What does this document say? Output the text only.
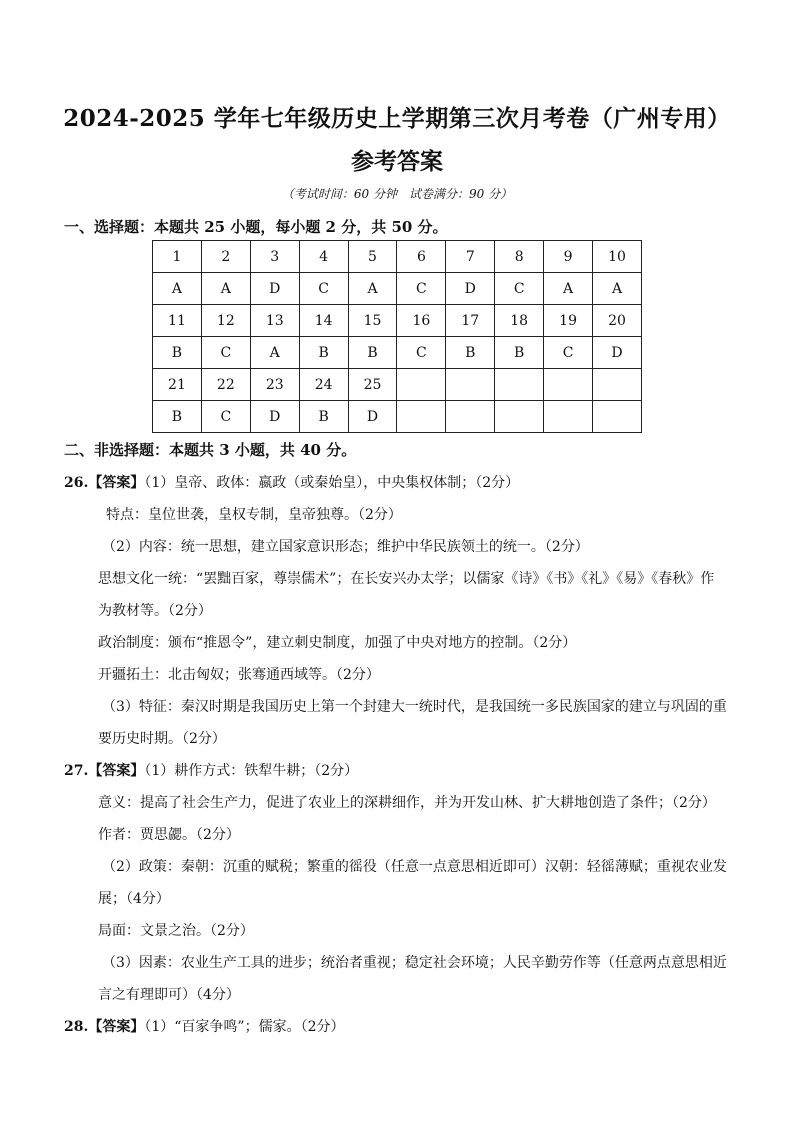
2024-2025 学年七年级历史上学期第三次月考卷（广州专用）
参考答案
（考试时间：60 分钟　试卷满分：90 分）
一、选择题：本题共 25 小题，每小题 2 分，共 50 分。
1	2	3	4	5	6	7	8	9	10
A	A	D	C	A	C	D	C	A	A
11	12	13	14	15	16	17	18	19	20
B	C	A	B	B	C	B	B	C	D
21	22	23	24	25					
B	C	D	B	D					
二、非选择题：本题共 3 小题，共 40 分。
26.【答案】（1）皇帝、政体：嬴政（或秦始皇），中央集权体制；（2分）
特点：皇位世袭，皇权专制，皇帝独尊。（2分）
（2）内容：统一思想，建立国家意识形态；维护中华民族领土的统一。（2分）
思想文化一统：“罢黜百家，尊崇儒术”；在长安兴办太学；以儒家《诗》《书》《礼》《易》《春秋》作
为教材等。（2分）
政治制度：颁布“推恩令”，建立刺史制度，加强了中央对地方的控制。（2分）
开疆拓土：北击匈奴；张骞通西域等。（2分）
（3）特征：秦汉时期是我国历史上第一个封建大一统时代，是我国统一多民族国家的建立与巩固的重
要历史时期。（2分）
27.【答案】（1）耕作方式：铁犁牛耕；（2分）
意义：提高了社会生产力，促进了农业上的深耕细作，并为开发山林、扩大耕地创造了条件；（2分）
作者：贾思勰。（2分）
（2）政策：秦朝：沉重的赋税；繁重的徭役（任意一点意思相近即可）汉朝：轻徭薄赋；重视农业发
展；（4分）
局面：文景之治。（2分）
（3）因素：农业生产工具的进步；统治者重视；稳定社会环境；人民辛勤劳作等（任意两点意思相近
言之有理即可）（4分）
28.【答案】（1）“百家争鸣”；儒家。（2分）
